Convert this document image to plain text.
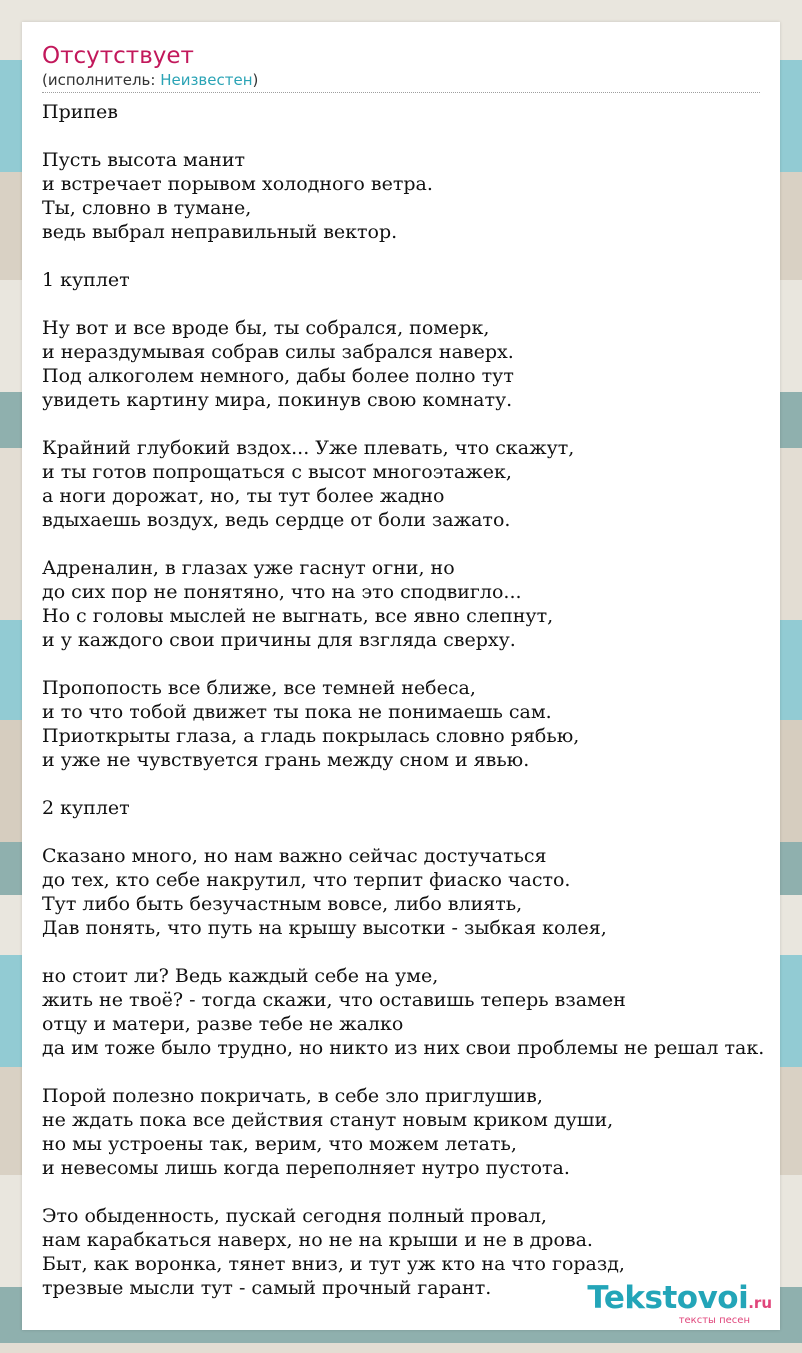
Отсутствует
(исполнитель: Неизвестен)
Припев
Пусть высота манит
и встречает порывом холодного ветра.
Ты, словно в тумане,
ведь выбрал неправильный вектор.
1 куплет
Ну вот и все вроде бы, ты собрался, померк,
и нераздумывая собрав силы забрался наверх.
Под алкоголем немного, дабы более полно тут
увидеть картину мира, покинув свою комнату.
Крайний глубокий вздох... Уже плевать, что скажут,
и ты готов попрощаться с высот многоэтажек,
а ноги дорожат, но, ты тут более жадно
вдыхаешь воздух, ведь сердце от боли зажато.
Адреналин, в глазах уже гаснут огни, но
до сих пор не понятяно, что на это сподвигло...
Но с головы мыслей не выгнать, все явно слепнут,
и у каждого свои причины для взгляда сверху.
Пропопость все ближе, все темней небеса,
и то что тобой движет ты пока не понимаешь сам.
Приоткрыты глаза, а гладь покрылась словно рябью,
и уже не чувствуется грань между сном и явью.
2 куплет
Сказано много, но нам важно сейчас достучаться
до тех, кто себе накрутил, что терпит фиаско часто.
Тут либо быть безучастным вовсе, либо влиять,
Дав понять, что путь на крышу высотки - зыбкая колея,
но стоит ли? Ведь каждый себе на уме,
жить не твоё? - тогда скажи, что оставишь теперь взамен
отцу и матери, разве тебе не жалко
да им тоже было трудно, но никто из них свои проблемы не решал так.
Порой полезно покричать, в себе зло приглушив,
не ждать пока все действия станут новым криком души,
но мы устроены так, верим, что можем летать,
и невесомы лишь когда переполняет нутро пустота.
Это обыденность, пускай сегодня полный провал,
нам карабкаться наверх, но не на крыши и не в дрова.
Быт, как воронка, тянет вниз, и тут уж кто на что горазд,
трезвые мысли тут - самый прочный гарант.	Tekstovoi.ru
тексты песен
